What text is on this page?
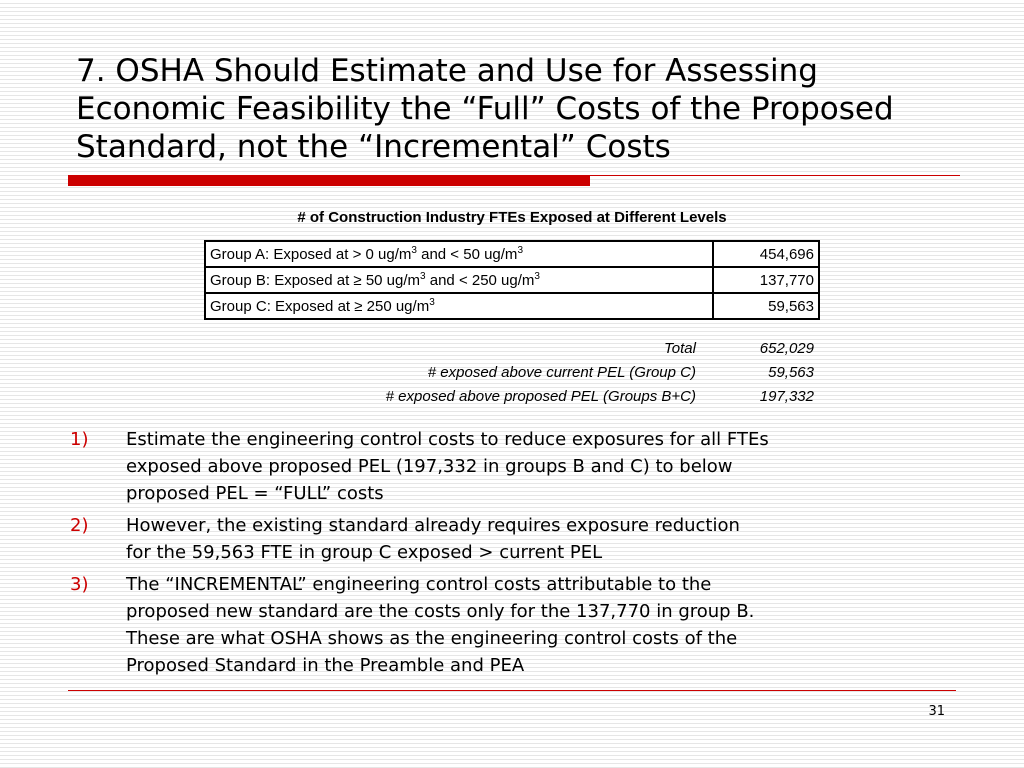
7. OSHA Should Estimate and Use for Assessing
Economic Feasibility the “Full” Costs of the Proposed
Standard, not the “Incremental” Costs
# of Construction Industry FTEs Exposed at Different Levels
Group A: Exposed at > 0 $ug/m^3$ and < 50 $ug/m^3$	454,696
Group B: Exposed at ≥ 50 $ug/m^3$ and < 250 $ug/m^3$	137,770
Group C: Exposed at ≥ 250 $ug/m^3$	59,563
Total	652,029
# exposed above current PEL (Group C)	59,563
# exposed above proposed PEL (Groups B+C)	197,332
1)	Estimate the engineering control costs to reduce exposures for all FTEs
exposed above proposed PEL (197,332 in groups B and C) to below
proposed PEL = “FULL” costs
2)	However, the existing standard already requires exposure reduction
for the 59,563 FTE in group C exposed > current PEL
3)	The “INCREMENTAL” engineering control costs attributable to the
proposed new standard are the costs only for the 137,770 in group B.
These are what OSHA shows as the engineering control costs of the
Proposed Standard in the Preamble and PEA
31
